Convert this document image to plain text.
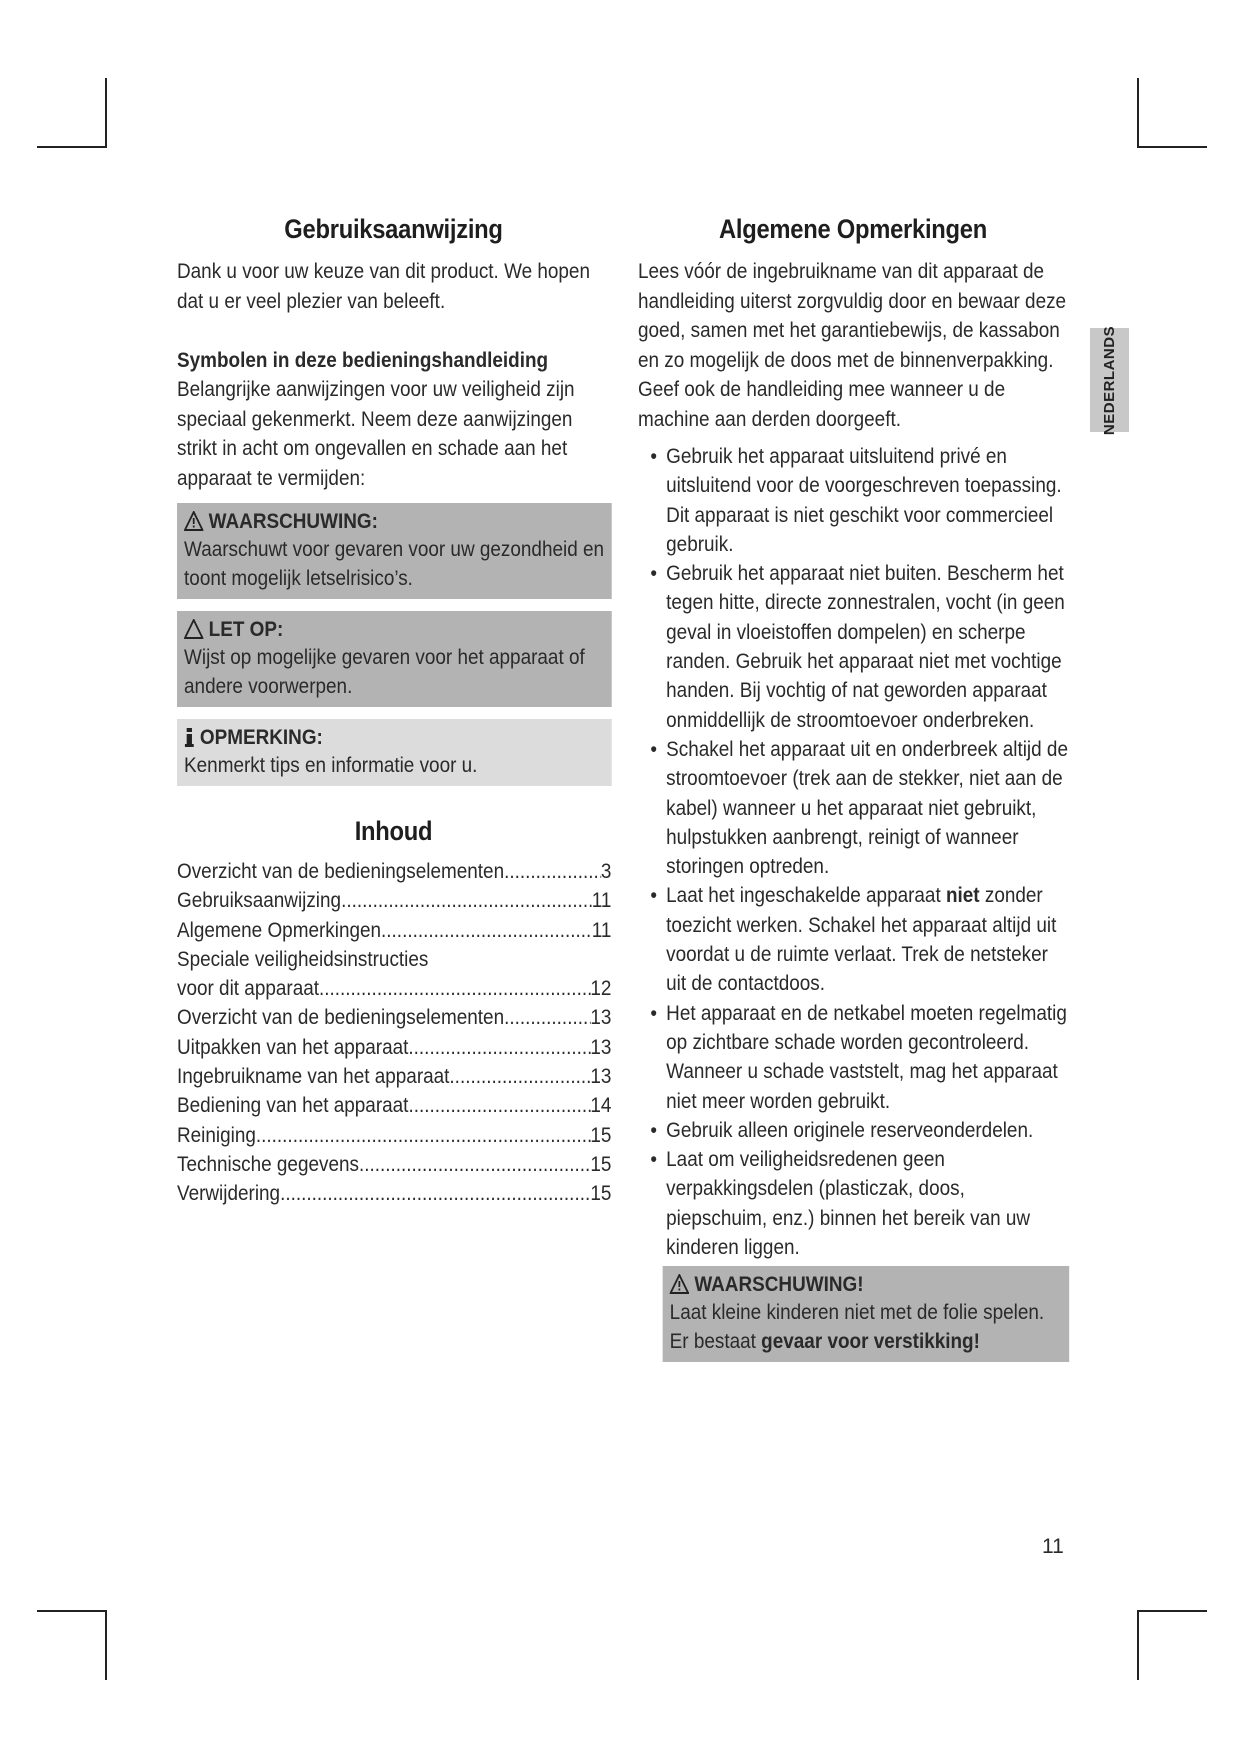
Gebruiksaanwijzing

Dank u voor uw keuze van dit product. We hopen dat u er veel plezier van beleeft.

Symbolen in deze bedieningshandleiding

Belangrijke aanwijzingen voor uw veiligheid zijn speciaal gekenmerkt. Neem deze aanwijzingen strikt in acht om ongevallen en schade aan het apparaat te vermijden:

WAARSCHUWING:
Waarschuwt voor gevaren voor uw gezondheid en toont mogelijk letselrisico’s.
LET OP:
Wijst op mogelijke gevaren voor het apparaat of andere voorwerpen.
OPMERKING:
Kenmerkt tips en informatie voor u.
Inhoud
Overzicht van de bedieningselementen .....	3
Gebruiksaanwijzing .....	11
Algemene Opmerkingen .....	11
Speciale veiligheidsinstructies
voor dit apparaat .....	12
Overzicht van de bedieningselementen .....	13
Uitpakken van het apparaat .....	13
Ingebruikname van het apparaat .....	13
Bediening van het apparaat .....	14
Reiniging .....	15
Technische gegevens .....	15
Verwijdering .....	15
Algemene Opmerkingen

Lees vóór de ingebruikname van dit apparaat de handleiding uiterst zorgvuldig door en bewaar deze goed, samen met het garantiebewijs, de kassabon en zo mogelijk de doos met de binnenverpakking. Geef ook de handleiding mee wanneer u de machine aan derden doorgeeft.

• Gebruik het apparaat uitsluitend privé en uitsluitend voor de voorgeschreven toepassing. Dit apparaat is niet geschikt voor commercieel gebruik.
• Gebruik het apparaat niet buiten. Bescherm het tegen hitte, directe zonnestralen, vocht (in geen geval in vloeistoffen dompelen) en scherpe randen. Gebruik het apparaat niet met vochtige handen. Bij vochtig of nat geworden apparaat onmiddellijk de stroomtoevoer onderbreken.
• Schakel het apparaat uit en onderbreek altijd de stroomtoevoer (trek aan de stekker, niet aan de kabel) wanneer u het apparaat niet gebruikt, hulpstukken aanbrengt, reinigt of wanneer storingen optreden.
• Laat het ingeschakelde apparaat niet zonder toezicht werken. Schakel het apparaat altijd uit voordat u de ruimte verlaat. Trek de netsteker uit de contactdoos.
• Het apparaat en de netkabel moeten regelmatig op zichtbare schade worden gecontroleerd. Wanneer u schade vaststelt, mag het apparaat niet meer worden gebruikt.
• Gebruik alleen originele reserveonderdelen.
• Laat om veiligheidsredenen geen verpakkingsdelen (plasticzak, doos, piepschuim, enz.) binnen het bereik van uw kinderen liggen.
WAARSCHUWING!
Laat kleine kinderen niet met de folie spelen.
Er bestaat gevaar voor verstikking!
NEDERLANDS
11
